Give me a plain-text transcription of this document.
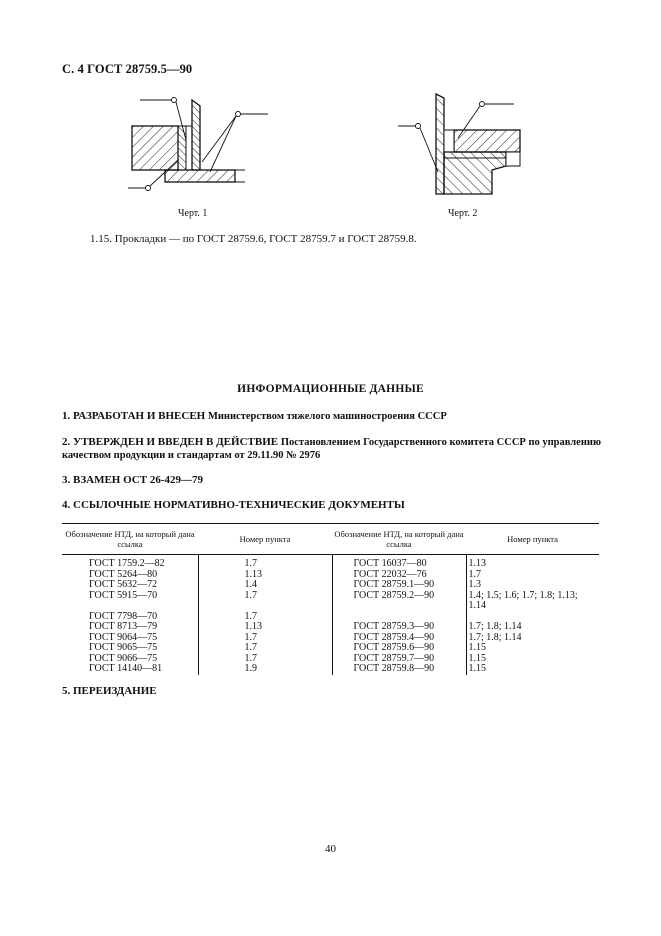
С. 4 ГОСТ 28759.5—90
Черт. 1	Черт. 2
1.15. Прокладки — по ГОСТ 28759.6, ГОСТ 28759.7 и ГОСТ 28759.8.
ИНФОРМАЦИОННЫЕ ДАННЫЕ
1. РАЗРАБОТАН И ВНЕСЕН Министерством тяжелого машиностроения СССР
2. УТВЕРЖДЕН И ВВЕДЕН В ДЕЙСТВИЕ Постановлением Государственного комитета СССР по управлению качеством продукции и стандартам от 29.11.90 № 2976
3. ВЗАМЕН ОСТ 26-429—79
4. ССЫЛОЧНЫЕ НОРМАТИВНО-ТЕХНИЧЕСКИЕ ДОКУМЕНТЫ
Обозначение НТД, на который дана ссылка	Номер пункта	Обозначение НТД, на который дана ссылка	Номер пункта
ГОСТ 1759.2—82	1.7	ГОСТ 16037—80	1.13
ГОСТ 5264—80	1.13	ГОСТ 22032—76	1.7
ГОСТ 5632—72	1.4	ГОСТ 28759.1—90	1.3
ГОСТ 5915—70	1.7	ГОСТ 28759.2—90	1.4; 1.5; 1.6; 1.7; 1.8; 1.13; 1.14
ГОСТ 7798—70	1.7		
ГОСТ 8713—79	1.13	ГОСТ 28759.3—90	1.7; 1.8; 1.14
ГОСТ 9064—75	1.7	ГОСТ 28759.4—90	1.7; 1.8; 1.14
ГОСТ 9065—75	1.7	ГОСТ 28759.6—90	1.15
ГОСТ 9066—75	1.7	ГОСТ 28759.7—90	1.15
ГОСТ 14140—81	1.9	ГОСТ 28759.8—90	1.15
5. ПЕРЕИЗДАНИЕ
40
